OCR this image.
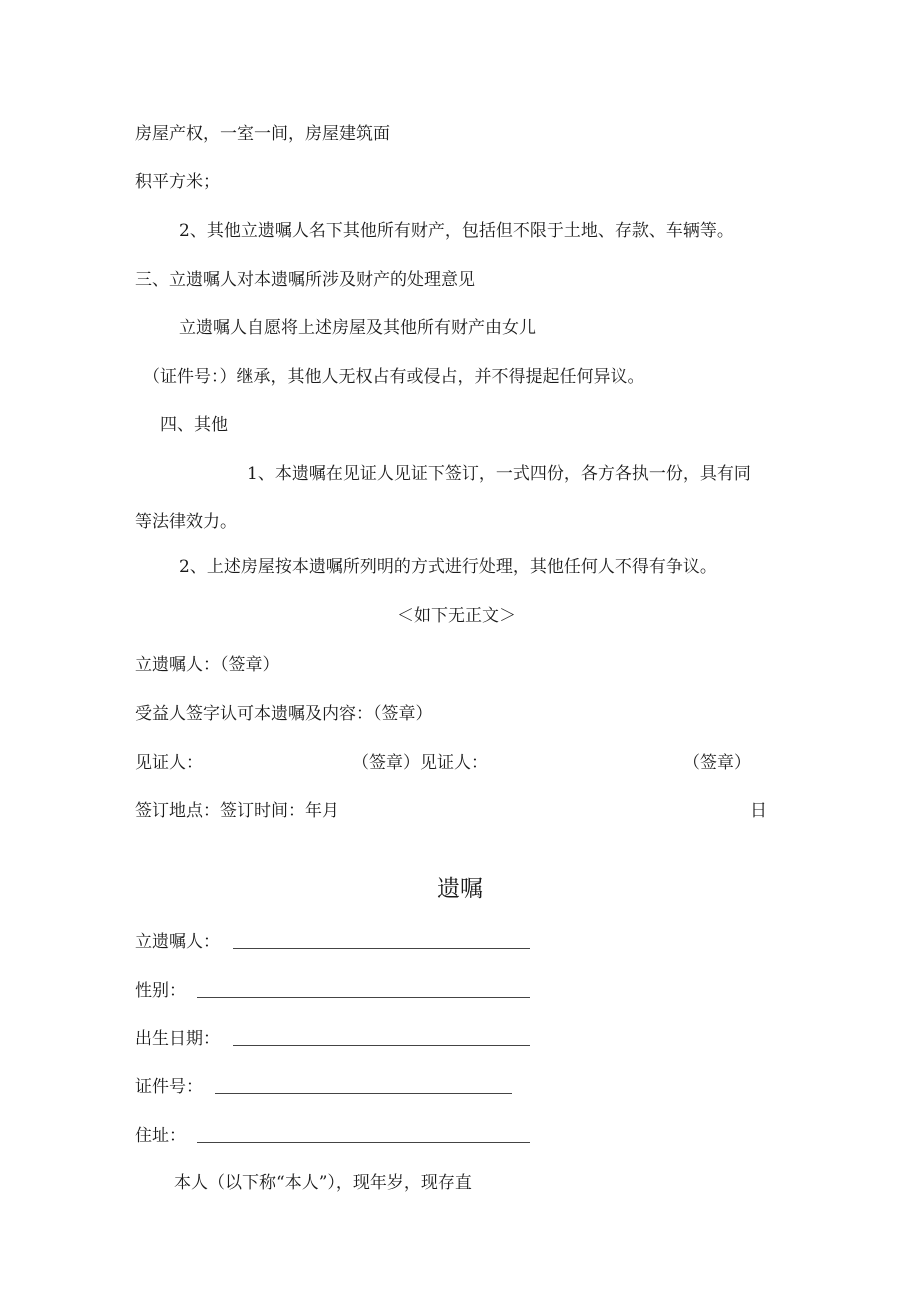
房屋产权，一室一间，房屋建筑面
积平方米；
2、其他立遗嘱人名下其他所有财产，包括但不限于土地、存款、车辆等。
三、立遗嘱人对本遗嘱所涉及财产的处理意见
立遗嘱人自愿将上述房屋及其他所有财产由女儿
（证件号：）继承，其他人无权占有或侵占，并不得提起任何异议。
四、其他
1、本遗嘱在见证人见证下签订，一式四份，各方各执一份，具有同
等法律效力。
2、上述房屋按本遗嘱所列明的方式进行处理，其他任何人不得有争议。
＜如下无正文＞
立遗嘱人：（签章）
受益人签字认可本遗嘱及内容：（签章）
见证人：	（签章）见证人：	（签章）
签订地点：签订时间：年月	日
遗嘱
立遗嘱人：
性别：
出生日期：
证件号：
住址：
本人（以下称“本人”），现年岁，现存直
